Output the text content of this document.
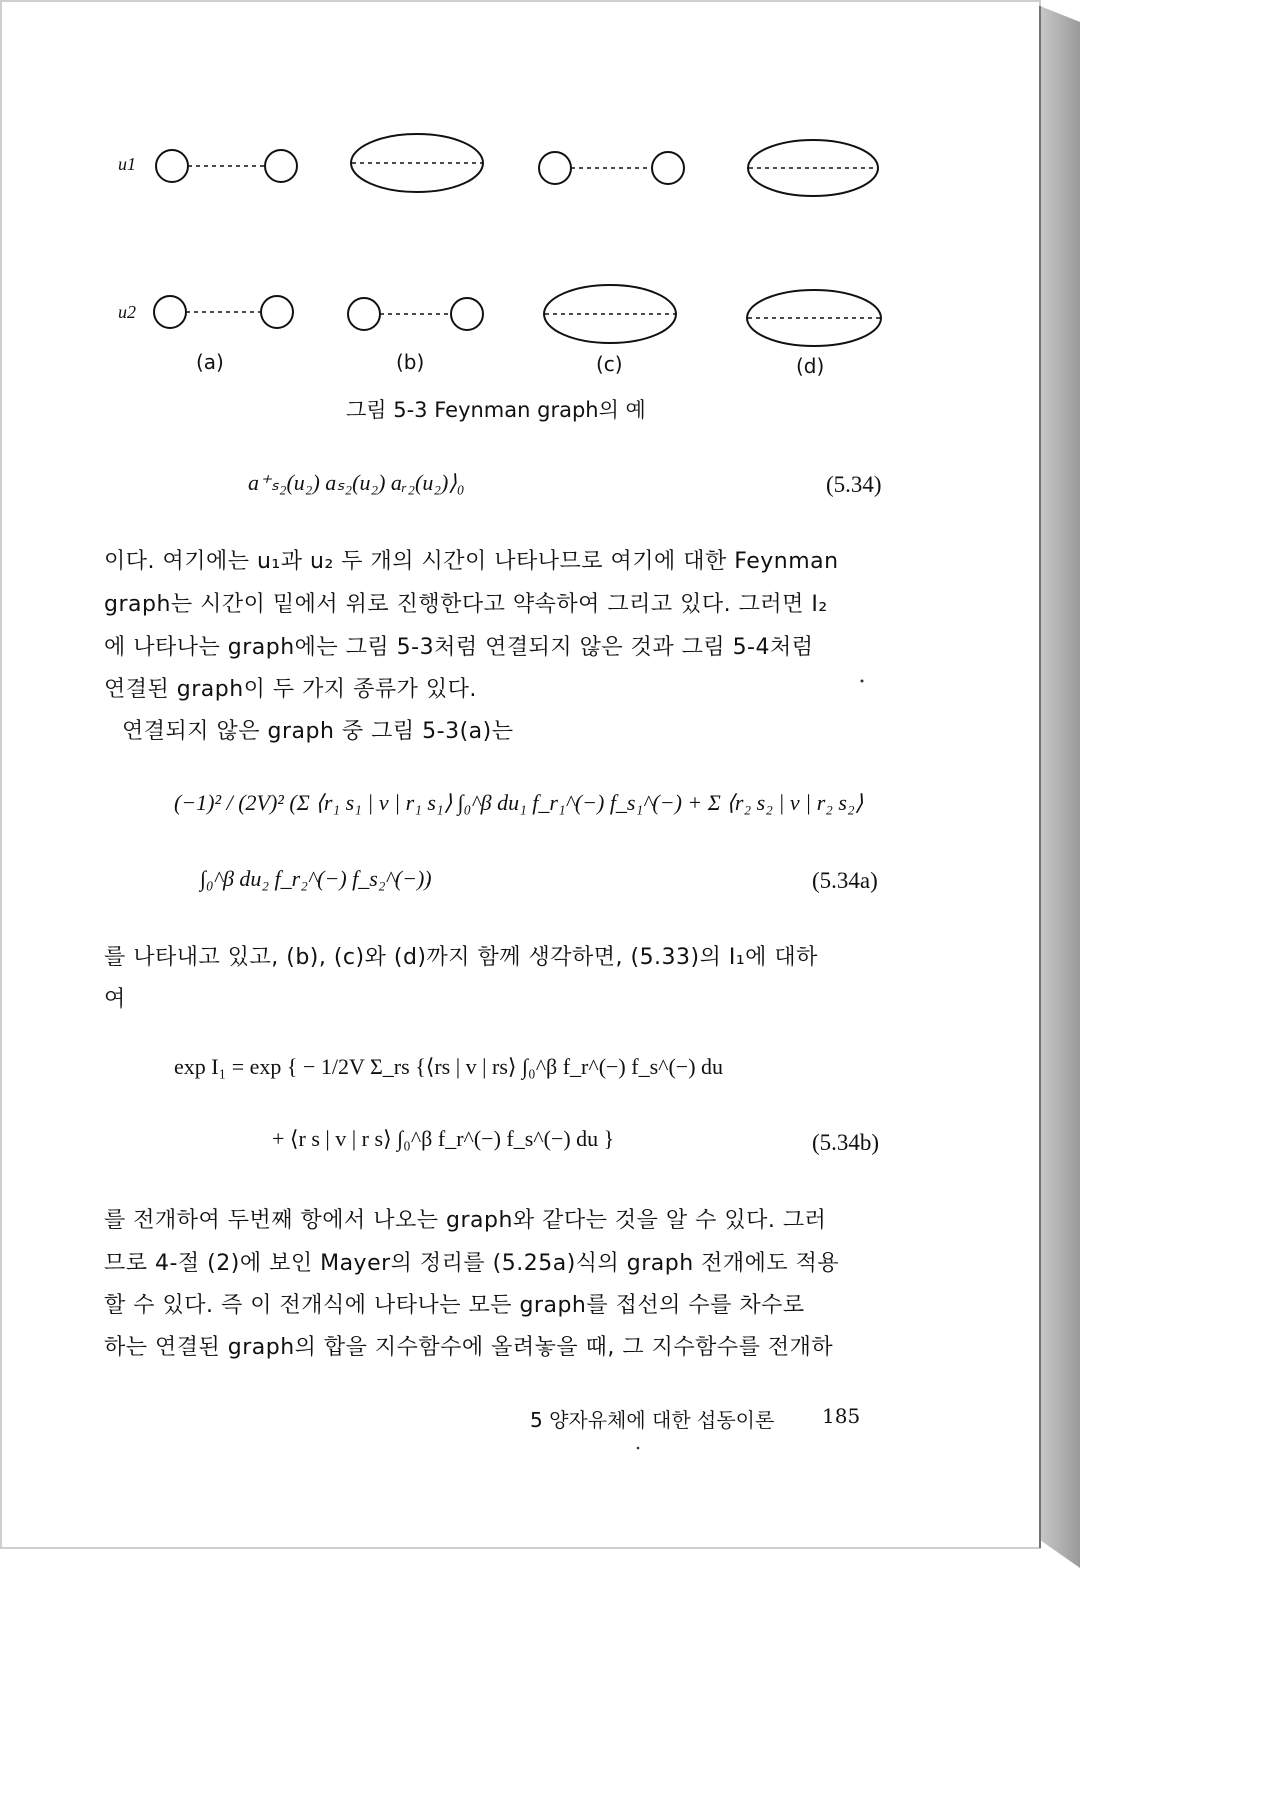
u1
u2
(a)	(b)	(c)	(d)
그림 5-3 Feynman graph의 예
a⁺ₛ₂(u₂) aₛ₂(u₂) aᵣ₂(u₂)⟩₀	(5.34)
이다. 여기에는 u₁과 u₂ 두 개의 시간이 나타나므로 여기에 대한 Feynman
graph는 시간이 밑에서 위로 진행한다고 약속하여 그리고 있다. 그러면 I₂
에 나타나는 graph에는 그림 5-3처럼 연결되지 않은 것과 그림 5-4처럼
연결된 graph이 두 가지 종류가 있다.
연결되지 않은 graph 중 그림 5-3(a)는
(−1)² / (2V)² (Σ ⟨r₁ s₁ | v | r₁ s₁⟩ ∫₀^β du₁ f_r₁^(−) f_s₁^(−) + Σ ⟨r₂ s₂ | v | r₂ s₂⟩
∫₀^β du₂ f_r₂^(−) f_s₂^(−))	(5.34a)
를 나타내고 있고, (b), (c)와 (d)까지 함께 생각하면, (5.33)의 I₁에 대하
여
exp I₁ = exp { − 1/2V Σ_rs {⟨rs | v | rs⟩ ∫₀^β f_r^(−) f_s^(−) du
+ ⟨r s | v | r s⟩ ∫₀^β f_r^(−) f_s^(−) du }	(5.34b)
를 전개하여 두번째 항에서 나오는 graph와 같다는 것을 알 수 있다. 그러
므로 4-절 (2)에 보인 Mayer의 정리를 (5.25a)식의 graph 전개에도 적용
할 수 있다. 즉 이 전개식에 나타나는 모든 graph를 접선의 수를 차수로
하는 연결된 graph의 합을 지수함수에 올려놓을 때, 그 지수함수를 전개하
5 양자유체에 대한 섭동이론 185
